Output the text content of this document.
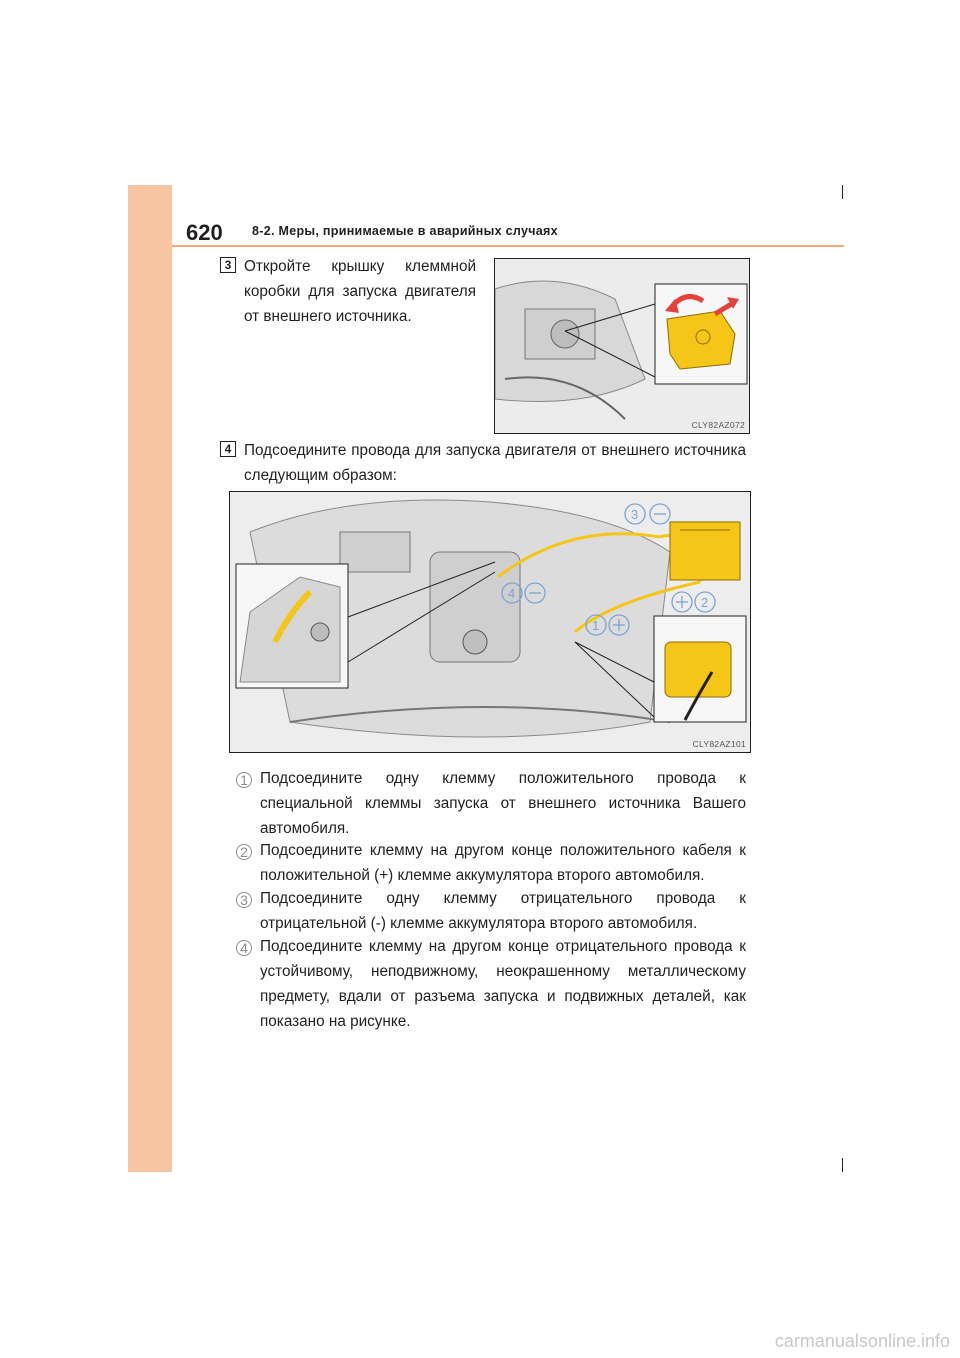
620 8-2. Меры, принимаемые в аварийных случаях
3 Откройте крышку клеммной коробки для запуска двигателя от внешнего источника.
CLY82AZ072
4 Подсоедините провода для запуска двигателя от внешнего источника следующим образом:
3
2
4
1
CLY82AZ101
1 Подсоедините одну клемму положительного провода к специальной клеммы запуска от внешнего источника Вашего автомобиля.
2 Подсоедините клемму на другом конце положительного кабеля к положительной (+) клемме аккумулятора второго автомобиля.
3 Подсоедините одну клемму отрицательного провода к отрицательной (-) клемме аккумулятора второго автомобиля.
4 Подсоедините клемму на другом конце отрицательного провода к устойчивому, неподвижному, неокрашенному металлическому предмету, вдали от разъема запуска и подвижных деталей, как показано на рисунке.
carmanualsonline.info
